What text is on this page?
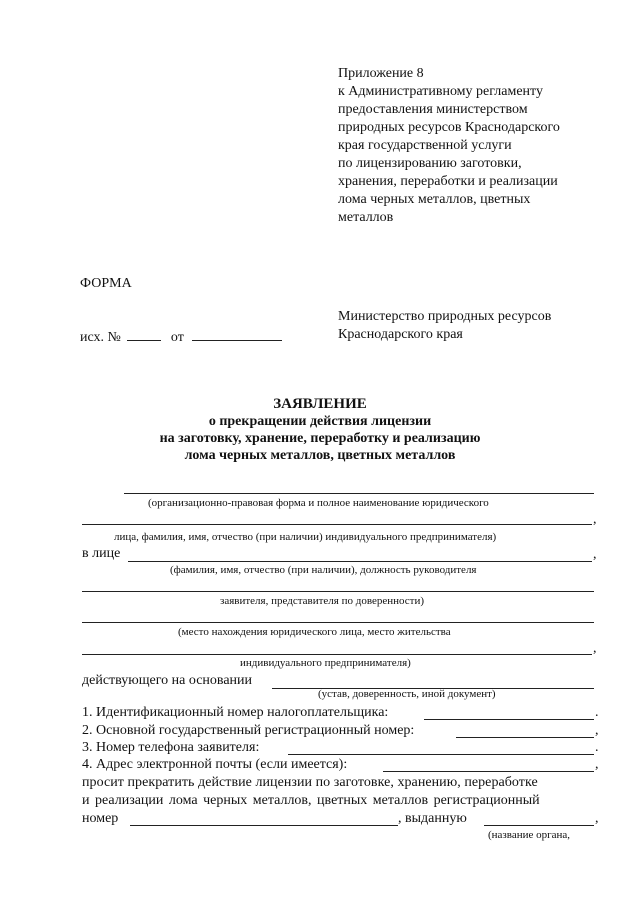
Приложение 8
к Административному регламенту
предоставления министерством
природных ресурсов Краснодарского
края государственной услуги
по лицензированию заготовки,
хранения, переработки и реализации
лома черных металлов, цветных
металлов
ФОРМА
Министерство природных ресурсов
Краснодарского края
исх. №	от
ЗАЯВЛЕНИЕ
о прекращении действия лицензии
на заготовку, хранение, переработку и реализацию
лома черных металлов, цветных металлов
(организационно-правовая форма и полное наименование юридического
,
лица, фамилия, имя, отчество (при наличии) индивидуального предпринимателя)
в лице	,
(фамилия, имя, отчество (при наличии), должность руководителя
заявителя, представителя по доверенности)
(место нахождения юридического лица, место жительства
,
индивидуального предпринимателя)
действующего на основании
(устав, доверенность, иной документ)
1. Идентификационный номер налогоплательщика:	.
2. Основной государственный регистрационный номер:	,
3. Номер телефона заявителя:	.
4. Адрес электронной почты (если имеется):	,
просит прекратить действие лицензии по заготовке, хранению, переработке
и реализации лома черных металлов, цветных металлов регистрационный
номер	, выданную	,
(название органа,
